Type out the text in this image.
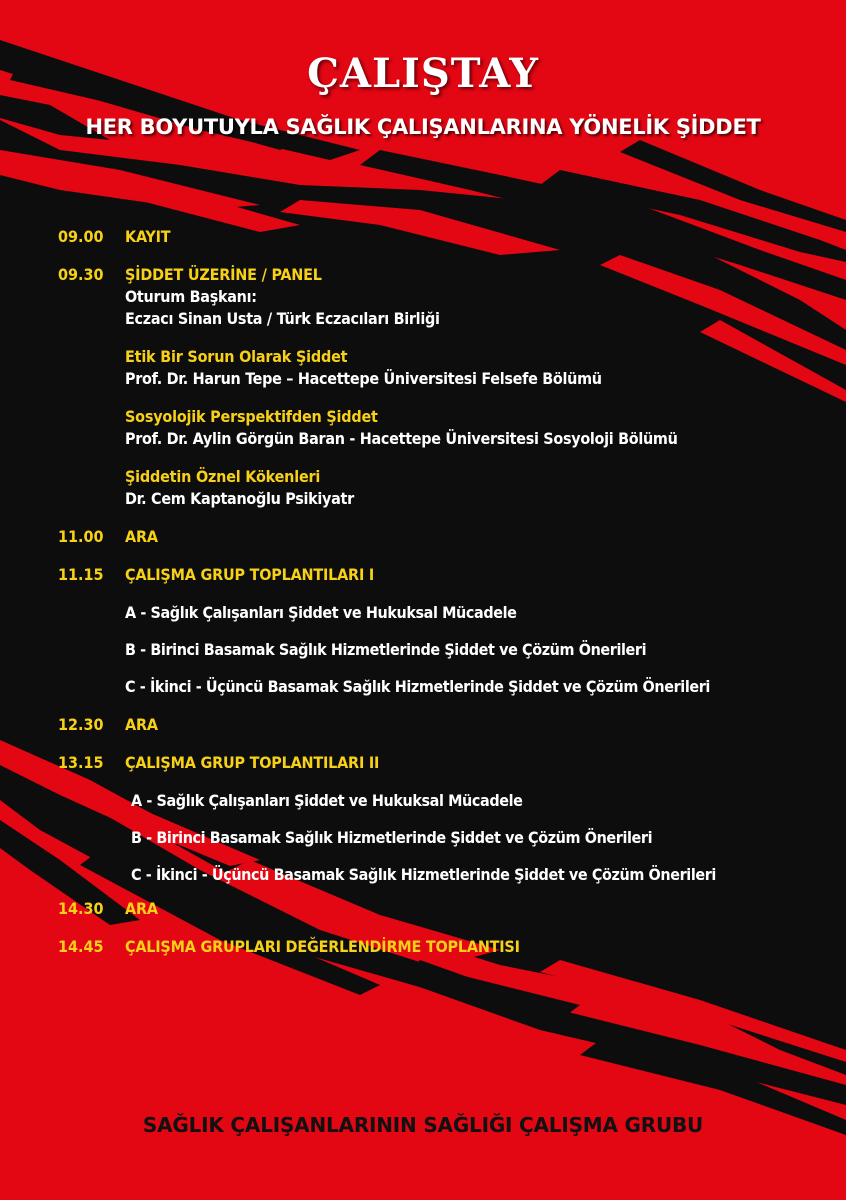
ÇALIŞTAY
HER BOYUTUYLA SAĞLIK ÇALIŞANLARINA YÖNELİK ŞİDDET
09.00	KAYIT
09.30	ŞİDDET ÜZERİNE / PANEL
Oturum Başkanı:
Eczacı Sinan Usta / Türk Eczacıları Birliği
Etik Bir Sorun Olarak Şiddet
Prof. Dr. Harun Tepe – Hacettepe Üniversitesi Felsefe Bölümü
Sosyolojik Perspektifden Şiddet
Prof. Dr. Aylin Görgün Baran - Hacettepe Üniversitesi Sosyoloji Bölümü
Şiddetin Öznel Kökenleri
Dr. Cem Kaptanoğlu Psikiyatr
11.00	ARA
11.15	ÇALIŞMA GRUP TOPLANTILARI I
A - Sağlık Çalışanları Şiddet ve Hukuksal Mücadele
B - Birinci Basamak Sağlık Hizmetlerinde Şiddet ve Çözüm Önerileri
C - İkinci - Üçüncü Basamak Sağlık Hizmetlerinde Şiddet ve Çözüm Önerileri
12.30	ARA
13.15	ÇALIŞMA GRUP TOPLANTILARI II
A - Sağlık Çalışanları Şiddet ve Hukuksal Mücadele
B - Birinci Basamak Sağlık Hizmetlerinde Şiddet ve Çözüm Önerileri
C - İkinci - Üçüncü Basamak Sağlık Hizmetlerinde Şiddet ve Çözüm Önerileri
14.30	ARA
14.45	ÇALIŞMA GRUPLARI DEĞERLENDİRME TOPLANTISI
SAĞLIK ÇALIŞANLARININ SAĞLIĞI ÇALIŞMA GRUBU
